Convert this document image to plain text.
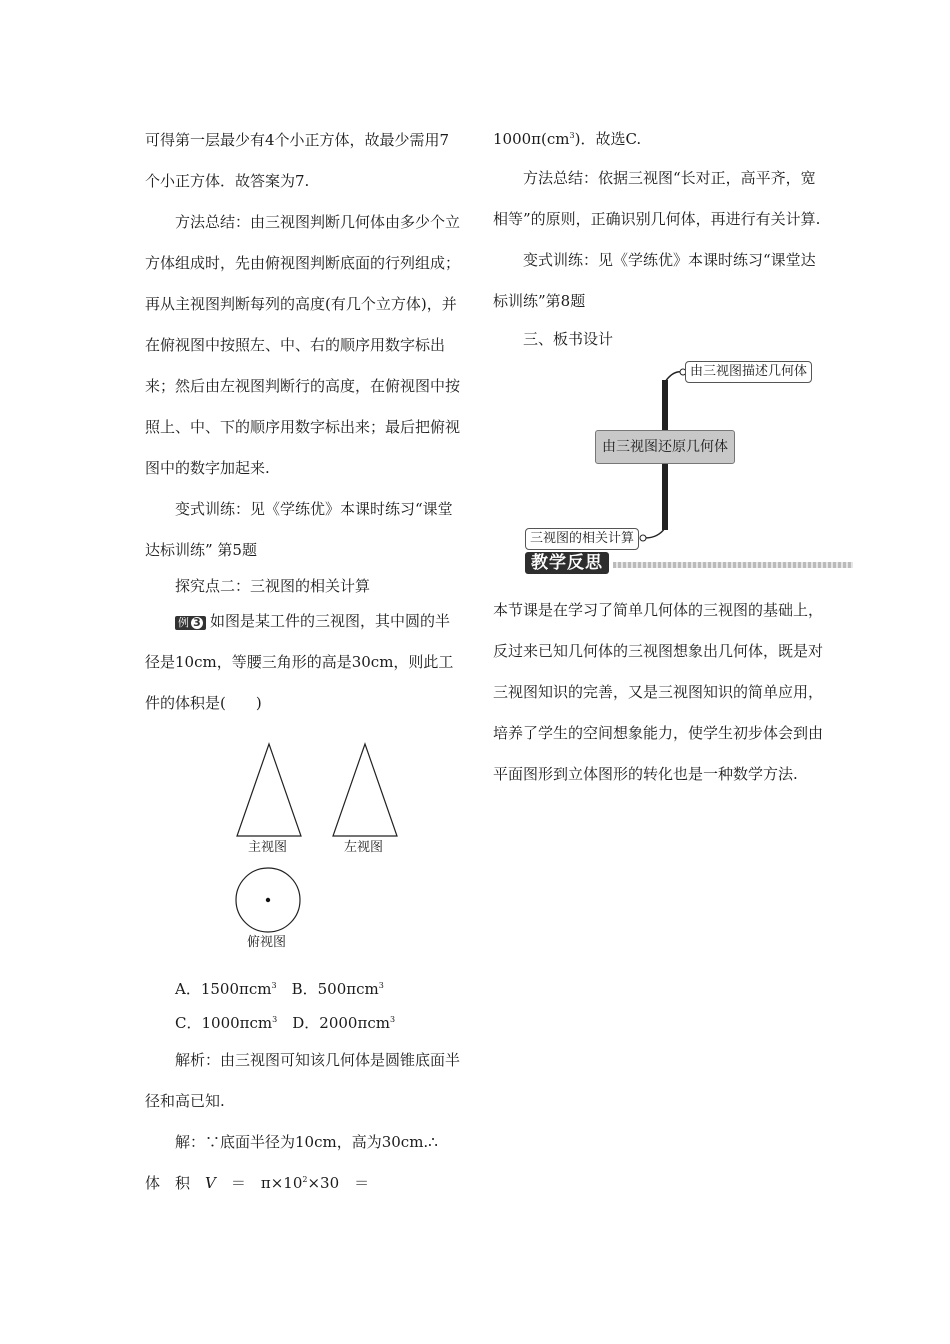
可得第一层最少有4个小正方体，故最少需用7个小正方体．故答案为7.

方法总结：由三视图判断几何体由多少个立方体组成时，先由俯视图判断底面的行列组成；再从主视图判断每列的高度(有几个立方体)，并在俯视图中按照左、中、右的顺序用数字标出来；然后由左视图判断行的高度，在俯视图中按照上、中、下的顺序用数字标出来；最后把俯视图中的数字加起来.

变式训练：见《学练优》本课时练习“课堂达标训练” 第5题

探究点二：三视图的相关计算

例 3 如图是某工件的三视图，其中圆的半径是10cm，等腰三角形的高是30cm，则此工件的体积是(　　)

主视图	左视图
俯视图

A．1500πcm$^3$　 B．500πcm$^3$

C．1000πcm$^3$　 D．2000πcm$^3$

解析：由三视图可知该几何体是圆锥底面半径和高已知.

解：∵底面半径为10cm，高为30cm.∴　体　积　V　＝　$\pi\times 10^2\times 30$　＝

$1000\pi(cm^3)$．故选C.

方法总结：依据三视图“长对正，高平齐，宽相等”的原则，正确识别几何体，再进行有关计算.

变式训练：见《学练优》本课时练习“课堂达标训练”第8题

三、板书设计

由三视图描述几何体
由三视图还原几何体
三视图的相关计算
教学反思

本节课是在学习了简单几何体的三视图的基础上，反过来已知几何体的三视图想象出几何体，既是对三视图知识的完善，又是三视图知识的简单应用，培养了学生的空间想象能力，使学生初步体会到由平面图形到立体图形的转化也是一种数学方法.
